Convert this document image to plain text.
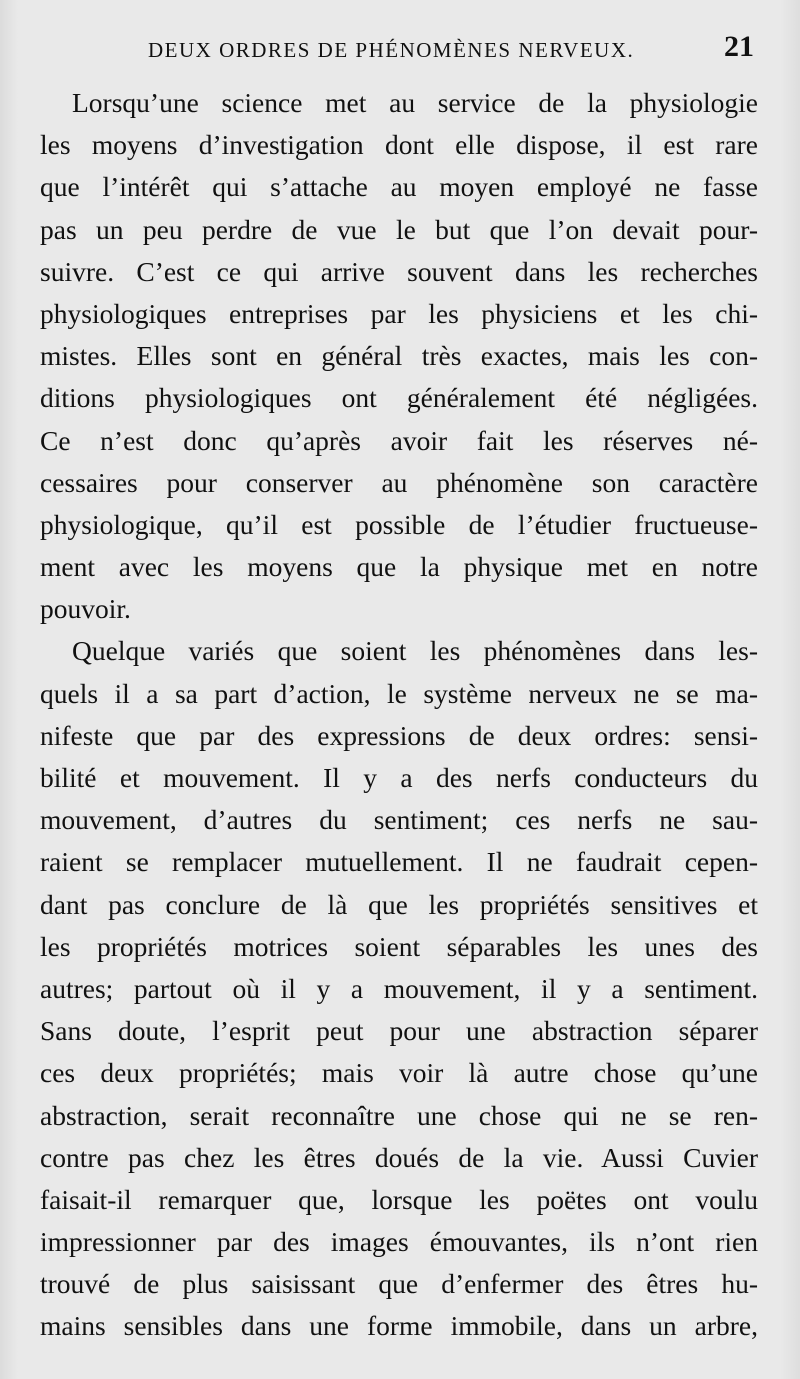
DEUX ORDRES DE PHÉNOMÈNES NERVEUX.	21
Lorsqu’une science met au service de la physiologie
les moyens d’investigation dont elle dispose, il est rare
que l’intérêt qui s’attache au moyen employé ne fasse
pas un peu perdre de vue le but que l’on devait pour-
suivre. C’est ce qui arrive souvent dans les recherches
physiologiques entreprises par les physiciens et les chi-
mistes. Elles sont en général très exactes, mais les con-
ditions physiologiques ont généralement été négligées.
Ce n’est donc qu’après avoir fait les réserves né-
cessaires pour conserver au phénomène son caractère
physiologique, qu’il est possible de l’étudier fructueuse-
ment avec les moyens que la physique met en notre
pouvoir.
Quelque variés que soient les phénomènes dans les-
quels il a sa part d’action, le système nerveux ne se ma-
nifeste que par des expressions de deux ordres: sensi-
bilité et mouvement. Il y a des nerfs conducteurs du
mouvement, d’autres du sentiment; ces nerfs ne sau-
raient se remplacer mutuellement. Il ne faudrait cepen-
dant pas conclure de là que les propriétés sensitives et
les propriétés motrices soient séparables les unes des
autres; partout où il y a mouvement, il y a sentiment.
Sans doute, l’esprit peut pour une abstraction séparer
ces deux propriétés; mais voir là autre chose qu’une
abstraction, serait reconnaître une chose qui ne se ren-
contre pas chez les êtres doués de la vie. Aussi Cuvier
faisait-il remarquer que, lorsque les poëtes ont voulu
impressionner par des images émouvantes, ils n’ont rien
trouvé de plus saisissant que d’enfermer des êtres hu-
mains sensibles dans une forme immobile, dans un arbre,
